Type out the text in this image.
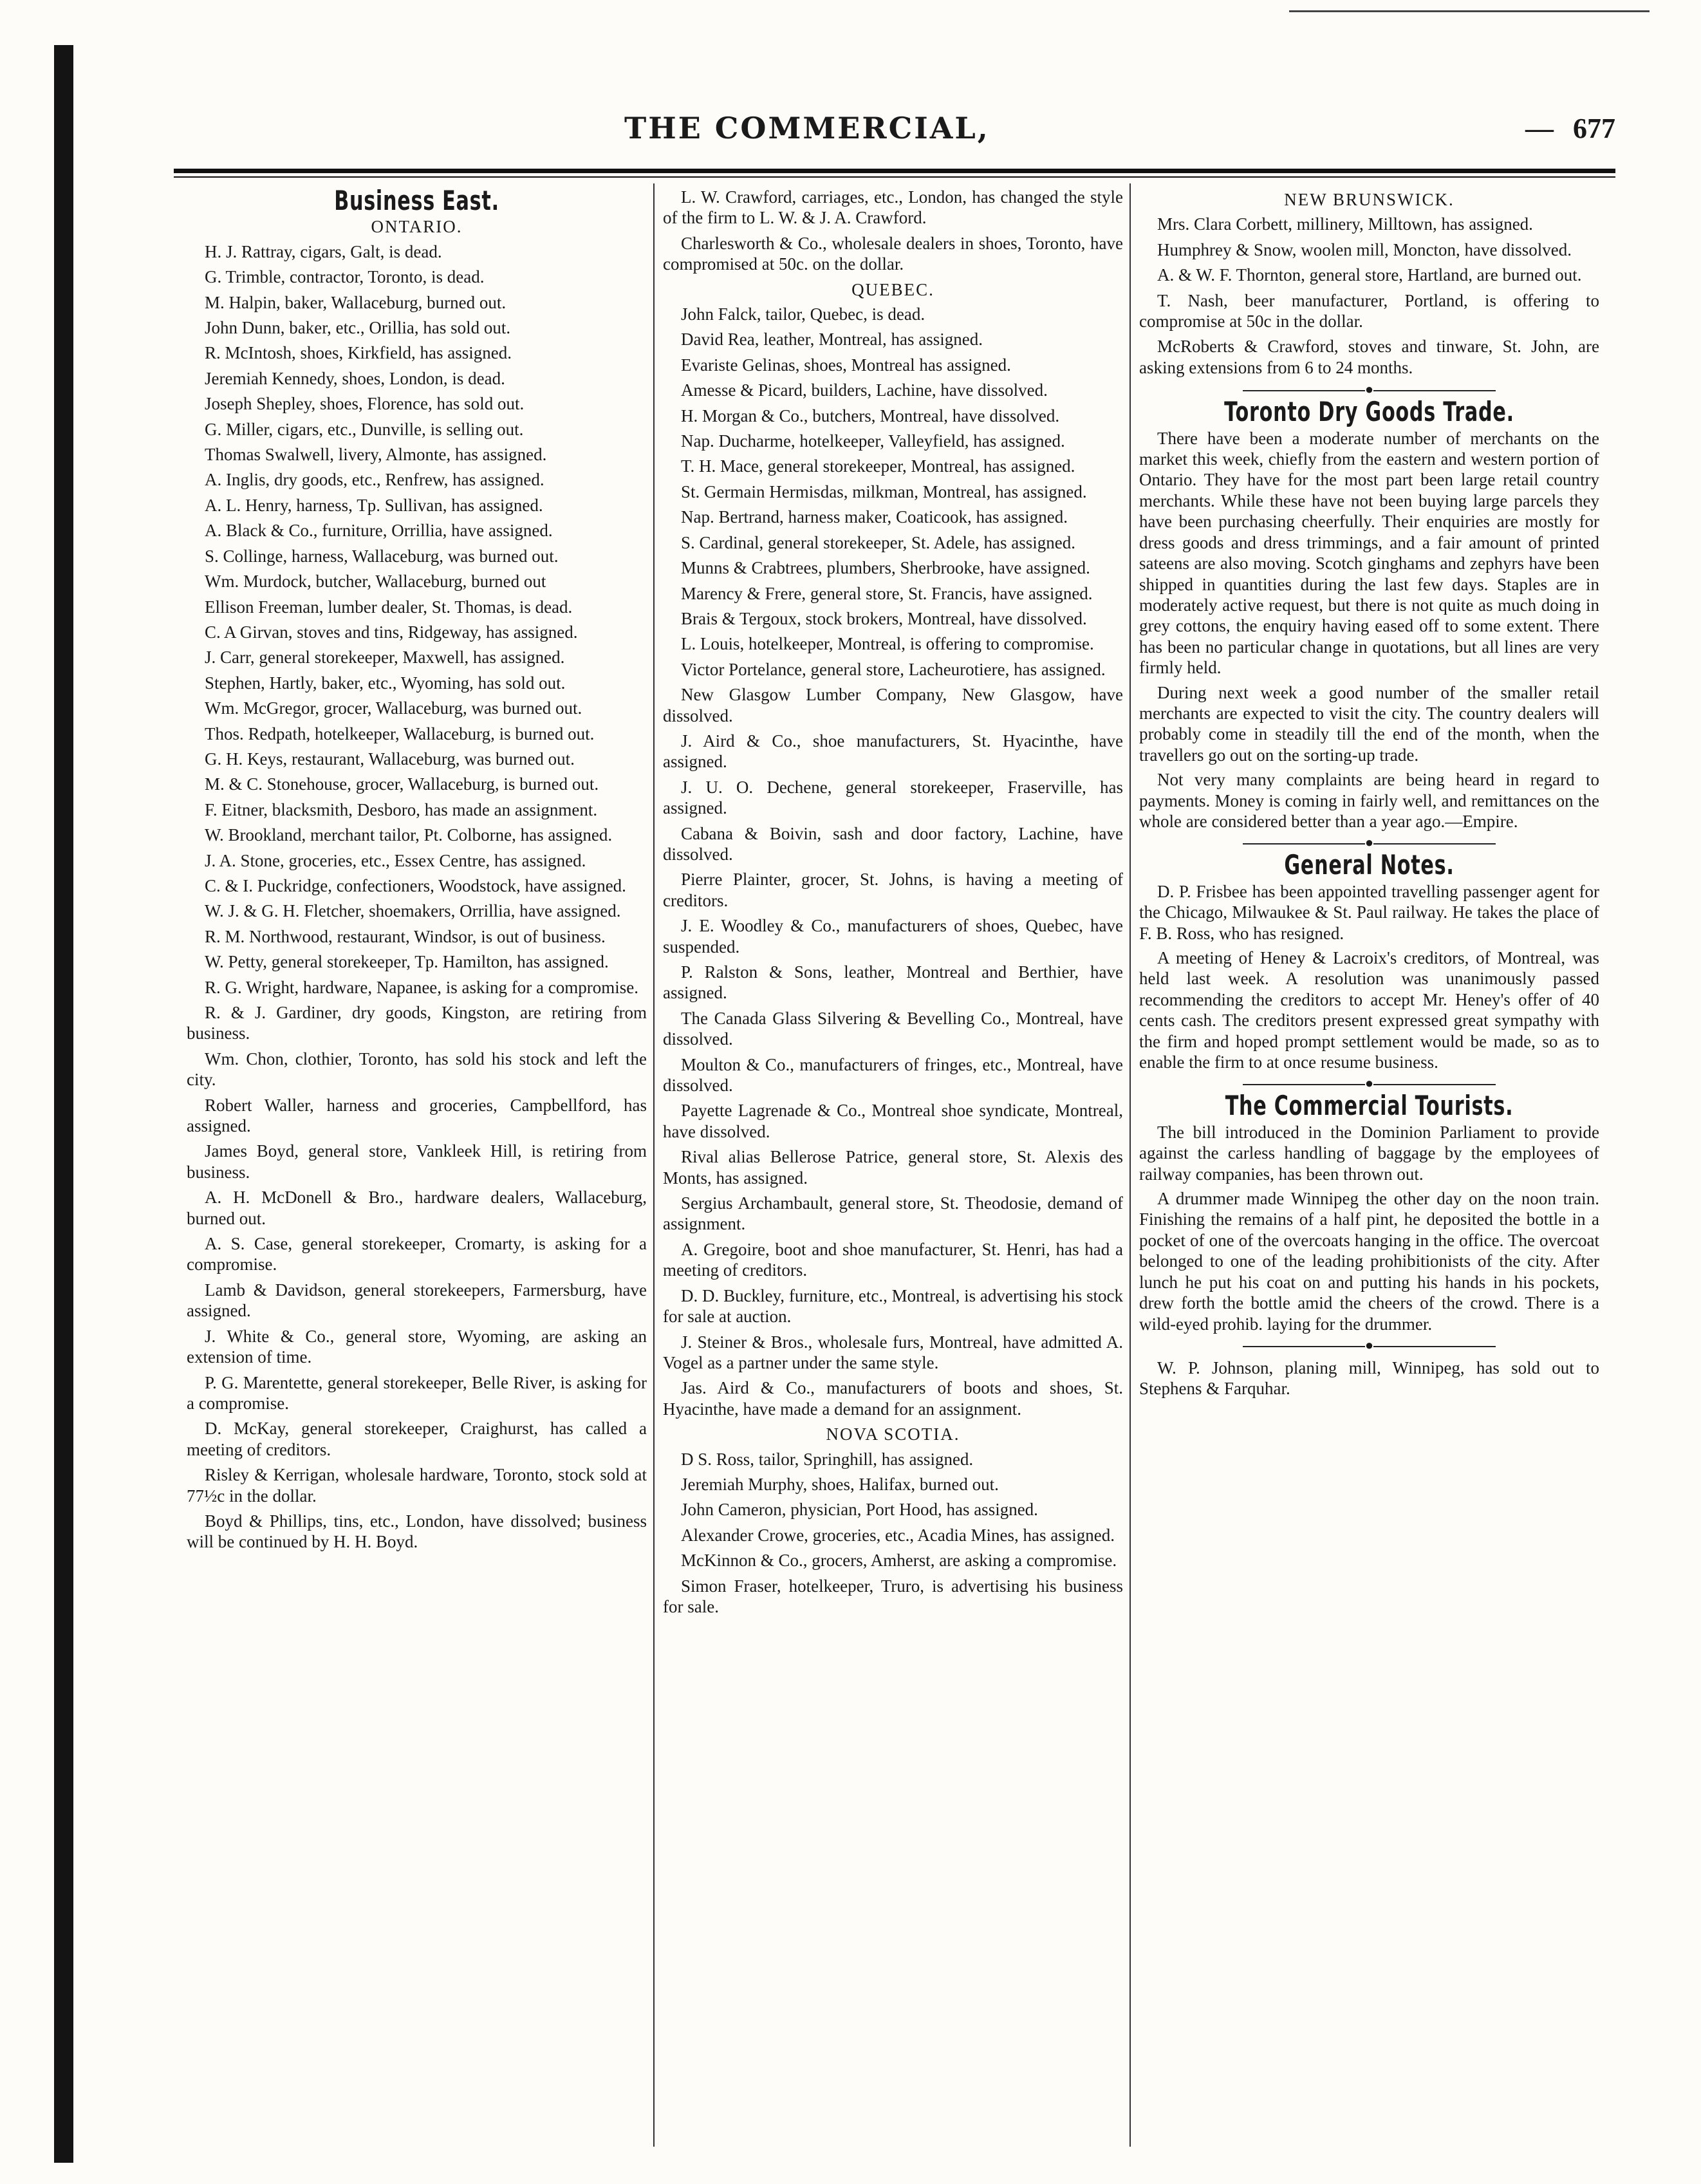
THE COMMERCIAL,
—	677
Business East.
ONTARIO.

H. J. Rattray, cigars, Galt, is dead.

G. Trimble, contractor, Toronto, is dead.

M. Halpin, baker, Wallaceburg, burned out.

John Dunn, baker, etc., Orillia, has sold out.

R. McIntosh, shoes, Kirkfield, has assigned.

Jeremiah Kennedy, shoes, London, is dead.

Joseph Shepley, shoes, Florence, has sold out.

G. Miller, cigars, etc., Dunville, is selling out.

Thomas Swalwell, livery, Almonte, has assigned.

A. Inglis, dry goods, etc., Renfrew, has assigned.

A. L. Henry, harness, Tp. Sullivan, has assigned.

A. Black & Co., furniture, Orrillia, have assigned.

S. Collinge, harness, Wallaceburg, was burned out.

Wm. Murdock, butcher, Wallaceburg, burned out

Ellison Freeman, lumber dealer, St. Thomas, is dead.

C. A Girvan, stoves and tins, Ridgeway, has assigned.

J. Carr, general storekeeper, Maxwell, has assigned.

Stephen, Hartly, baker, etc., Wyoming, has sold out.

Wm. McGregor, grocer, Wallaceburg, was burned out.

Thos. Redpath, hotelkeeper, Wallaceburg, is burned out.

G. H. Keys, restaurant, Wallaceburg, was burned out.

M. & C. Stonehouse, grocer, Wallaceburg, is burned out.

F. Eitner, blacksmith, Desboro, has made an assignment.

W. Brookland, merchant tailor, Pt. Colborne, has assigned.

J. A. Stone, groceries, etc., Essex Centre, has assigned.

C. & I. Puckridge, confectioners, Woodstock, have assigned.

W. J. & G. H. Fletcher, shoemakers, Orrillia, have assigned.

R. M. Northwood, restaurant, Windsor, is out of business.

W. Petty, general storekeeper, Tp. Hamilton, has assigned.

R. G. Wright, hardware, Napanee, is asking for a compromise.

R. & J. Gardiner, dry goods, Kingston, are retiring from business.

Wm. Chon, clothier, Toronto, has sold his stock and left the city.

Robert Waller, harness and groceries, Campbellford, has assigned.

James Boyd, general store, Vankleek Hill, is retiring from business.

A. H. McDonell & Bro., hardware dealers, Wallaceburg, burned out.

A. S. Case, general storekeeper, Cromarty, is asking for a compromise.

Lamb & Davidson, general storekeepers, Farmersburg, have assigned.

J. White & Co., general store, Wyoming, are asking an extension of time.

P. G. Marentette, general storekeeper, Belle River, is asking for a compromise.

D. McKay, general storekeeper, Craighurst, has called a meeting of creditors.

Risley & Kerrigan, wholesale hardware, Toronto, stock sold at 77½c in the dollar.

Boyd & Phillips, tins, etc., London, have dissolved; business will be continued by H. H. Boyd.

L. W. Crawford, carriages, etc., London, has changed the style of the firm to L. W. & J. A. Crawford.

Charlesworth & Co., wholesale dealers in shoes, Toronto, have compromised at 50c. on the dollar.

QUEBEC.

John Falck, tailor, Quebec, is dead.

David Rea, leather, Montreal, has assigned.

Evariste Gelinas, shoes, Montreal has assigned.

Amesse & Picard, builders, Lachine, have dissolved.

H. Morgan & Co., butchers, Montreal, have dissolved.

Nap. Ducharme, hotelkeeper, Valleyfield, has assigned.

T. H. Mace, general storekeeper, Montreal, has assigned.

St. Germain Hermisdas, milkman, Montreal, has assigned.

Nap. Bertrand, harness maker, Coaticook, has assigned.

S. Cardinal, general storekeeper, St. Adele, has assigned.

Munns & Crabtrees, plumbers, Sherbrooke, have assigned.

Marency & Frere, general store, St. Francis, have assigned.

Brais & Tergoux, stock brokers, Montreal, have dissolved.

L. Louis, hotelkeeper, Montreal, is offering to compromise.

Victor Portelance, general store, Lacheurotiere, has assigned.

New Glasgow Lumber Company, New Glasgow, have dissolved.

J. Aird & Co., shoe manufacturers, St. Hyacinthe, have assigned.

J. U. O. Dechene, general storekeeper, Fraserville, has assigned.

Cabana & Boivin, sash and door factory, Lachine, have dissolved.

Pierre Plainter, grocer, St. Johns, is having a meeting of creditors.

J. E. Woodley & Co., manufacturers of shoes, Quebec, have suspended.

P. Ralston & Sons, leather, Montreal and Berthier, have assigned.

The Canada Glass Silvering & Bevelling Co., Montreal, have dissolved.

Moulton & Co., manufacturers of fringes, etc., Montreal, have dissolved.

Payette Lagrenade & Co., Montreal shoe syndicate, Montreal, have dissolved.

Rival alias Bellerose Patrice, general store, St. Alexis des Monts, has assigned.

Sergius Archambault, general store, St. Theodosie, demand of assignment.

A. Gregoire, boot and shoe manufacturer, St. Henri, has had a meeting of creditors.

D. D. Buckley, furniture, etc., Montreal, is advertising his stock for sale at auction.

J. Steiner & Bros., wholesale furs, Montreal, have admitted A. Vogel as a partner under the same style.

Jas. Aird & Co., manufacturers of boots and shoes, St. Hyacinthe, have made a demand for an assignment.

NOVA SCOTIA.

D S. Ross, tailor, Springhill, has assigned.

Jeremiah Murphy, shoes, Halifax, burned out.

John Cameron, physician, Port Hood, has assigned.

Alexander Crowe, groceries, etc., Acadia Mines, has assigned.

McKinnon & Co., grocers, Amherst, are asking a compromise.

Simon Fraser, hotelkeeper, Truro, is advertising his business for sale.

NEW BRUNSWICK.

Mrs. Clara Corbett, millinery, Milltown, has assigned.

Humphrey & Snow, woolen mill, Moncton, have dissolved.

A. & W. F. Thornton, general store, Hartland, are burned out.

T. Nash, beer manufacturer, Portland, is offering to compromise at 50c in the dollar.

McRoberts & Crawford, stoves and tinware, St. John, are asking extensions from 6 to 24 months.

●
Toronto Dry Goods Trade.

There have been a moderate number of merchants on the market this week, chiefly from the eastern and western portion of Ontario. They have for the most part been large retail country merchants. While these have not been buying large parcels they have been purchasing cheerfully. Their enquiries are mostly for dress goods and dress trimmings, and a fair amount of printed sateens are also moving. Scotch ginghams and zephyrs have been shipped in quantities during the last few days. Staples are in moderately active request, but there is not quite as much doing in grey cottons, the enquiry having eased off to some extent. There has been no particular change in quotations, but all lines are very firmly held.

During next week a good number of the smaller retail merchants are expected to visit the city. The country dealers will probably come in steadily till the end of the month, when the travellers go out on the sorting-up trade.

Not very many complaints are being heard in regard to payments. Money is coming in fairly well, and remittances on the whole are considered better than a year ago.—Empire.

●
General Notes.

D. P. Frisbee has been appointed travelling passenger agent for the Chicago, Milwaukee & St. Paul railway. He takes the place of F. B. Ross, who has resigned.

A meeting of Heney & Lacroix's creditors, of Montreal, was held last week. A resolution was unanimously passed recommending the creditors to accept Mr. Heney's offer of 40 cents cash. The creditors present expressed great sympathy with the firm and hoped prompt settlement would be made, so as to enable the firm to at once resume business.

●
The Commercial Tourists.

The bill introduced in the Dominion Parliament to provide against the carless handling of baggage by the employees of railway companies, has been thrown out.

A drummer made Winnipeg the other day on the noon train. Finishing the remains of a half pint, he deposited the bottle in a pocket of one of the overcoats hanging in the office. The overcoat belonged to one of the leading prohibitionists of the city. After lunch he put his coat on and putting his hands in his pockets, drew forth the bottle amid the cheers of the crowd. There is a wild-eyed prohib. laying for the drummer.

●

W. P. Johnson, planing mill, Winnipeg, has sold out to Stephens & Farquhar.
